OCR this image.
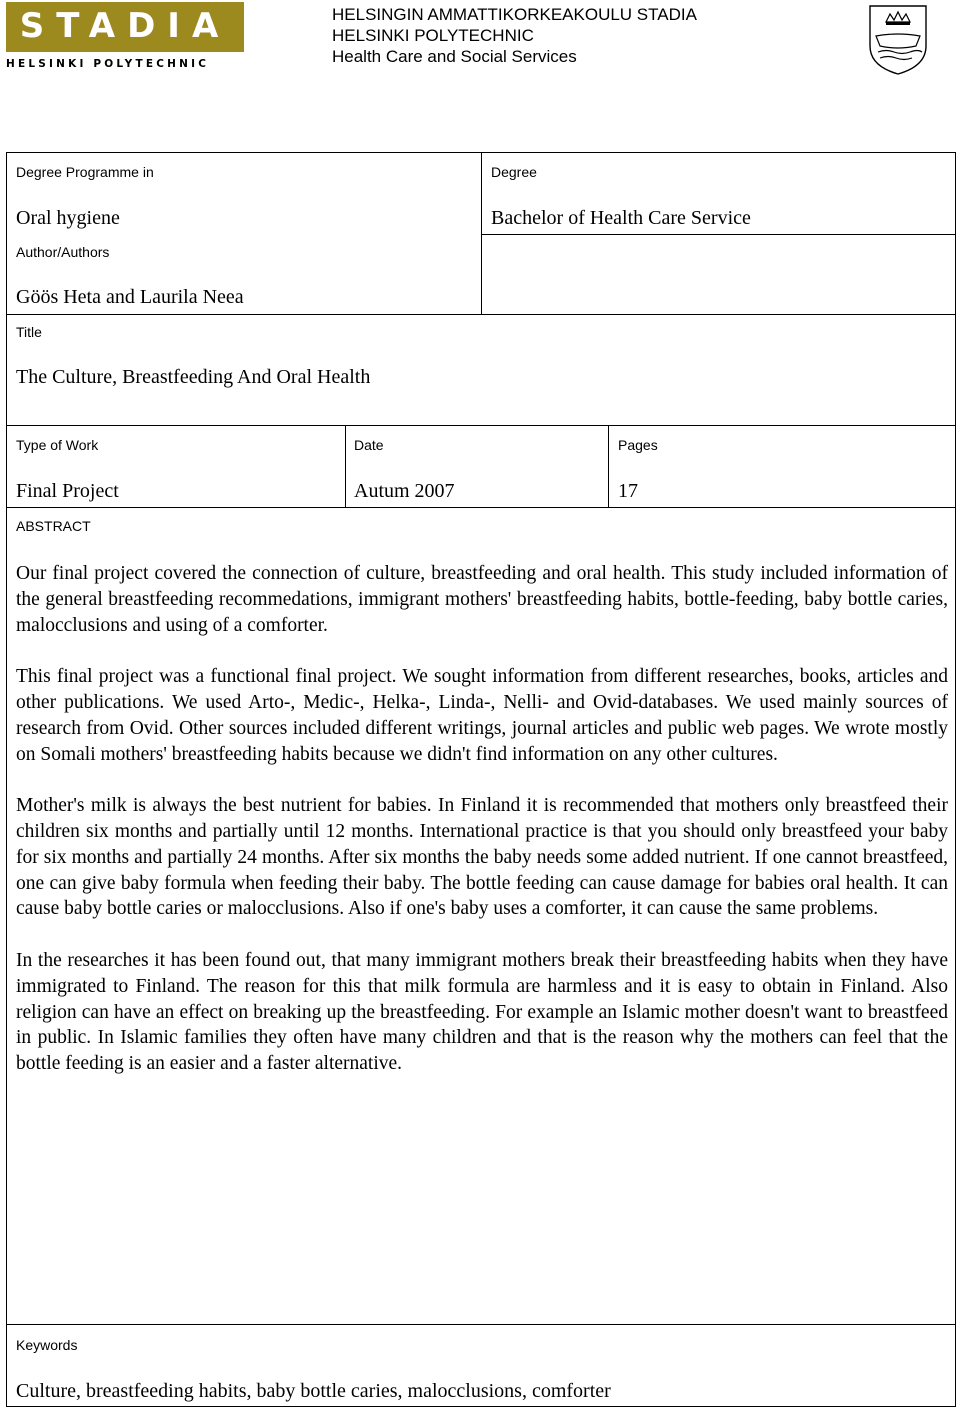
STADIA
HELSINKI POLYTECHNIC
HELSINGIN AMMATTIKORKEAKOULU STADIA
HELSINKI POLYTECHNIC
Health Care and Social Services
Degree Programme in
Oral hygiene
Degree
Bachelor of Health Care Service
Author/Authors
Göös Heta and Laurila Neea
Title
The Culture, Breastfeeding And Oral Health
Type of Work
Final Project
Date
Autum 2007
Pages
17
ABSTRACT

Our final project covered the connection of culture, breastfeeding and oral health. This study included information of the general breastfeeding recommedations, immigrant mothers' breastfeeding habits, bottle-feeding, baby bottle caries, malocclusions and using of a comforter.

This final project was a functional final project. We sought information from different researches, books, articles and other publications. We used Arto-, Medic-, Helka-, Linda-, Nelli- and Ovid-databases. We used mainly sources of research from Ovid. Other sources included different writings, journal articles and public web pages. We wrote mostly on Somali mothers' breastfeeding habits because we didn't find information on any other cultures.

Mother's milk is always the best nutrient for babies. In Finland it is recommended that mothers only breastfeed their children six months and partially until 12 months. International practice is that you should only breastfeed your baby for six months and partially 24 months. After six months the baby needs some added nutrient. If one cannot breastfeed, one can give baby formula when feeding their baby. The bottle feeding can cause damage for babies oral health. It can cause baby bottle caries or malocclusions. Also if one's baby uses a comforter, it can cause the same problems.

In the researches it has been found out, that many immigrant mothers break their breastfeeding habits when they have immigrated to Finland. The reason for this that milk formula are harmless and it is easy to obtain in Finland. Also religion can have an effect on breaking up the breastfeeding. For example an Islamic mother doesn't want to breastfeed in public. In Islamic families they often have many children and that is the reason why the mothers can feel that the bottle feeding is an easier and a faster alternative.

Keywords
Culture, breastfeeding habits, baby bottle caries, malocclusions, comforter
